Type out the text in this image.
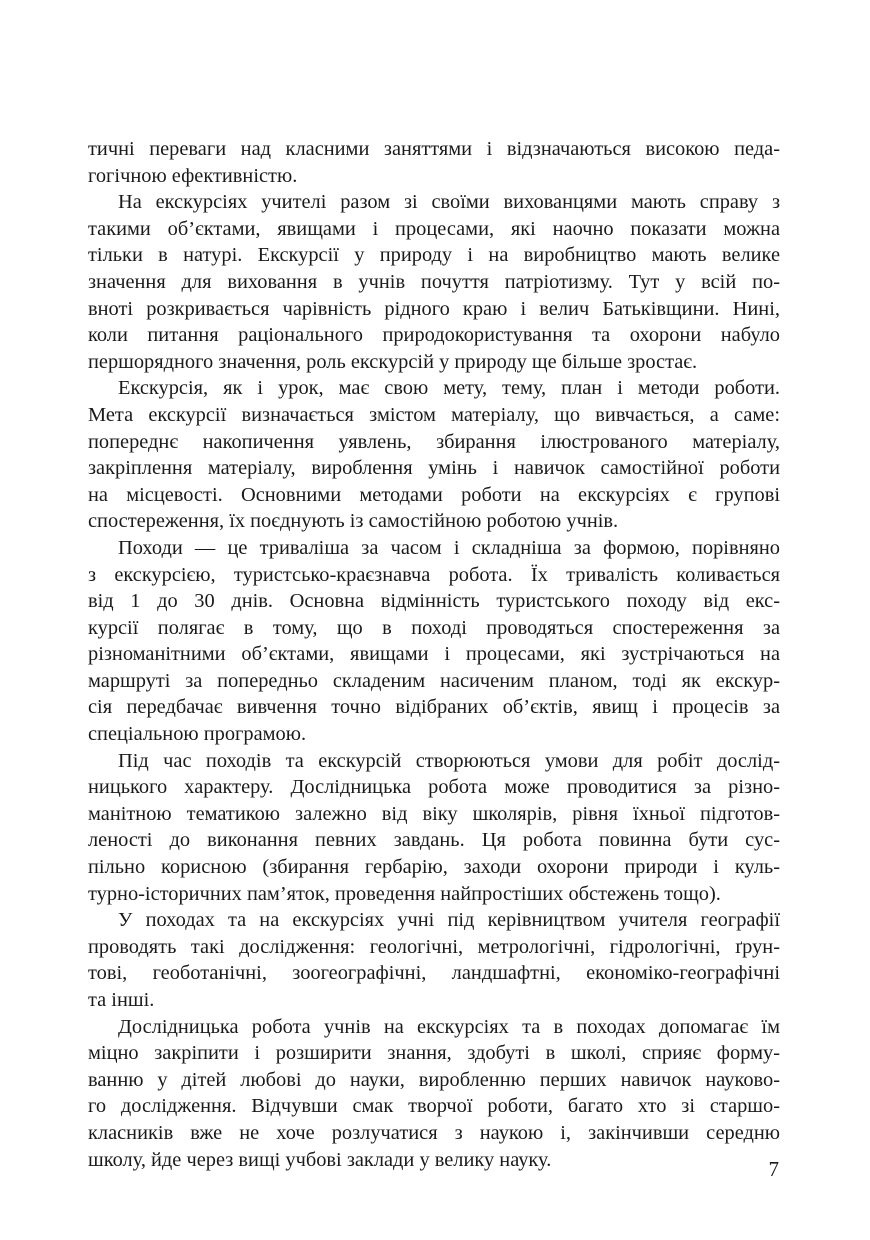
тичні переваги над класними заняттями і відзначаються високою педа-
гогічною ефективністю.
На екскурсіях учителі разом зі своїми вихованцями мають справу з
такими об’єктами, явищами і процесами, які наочно показати можна
тільки в натурі. Екскурсії у природу і на виробництво мають велике
значення для виховання в учнів почуття патріотизму. Тут у всій по-
вноті розкривається чарівність рідного краю і велич Батьківщини. Нині,
коли питання раціонального природокористування та охорони набуло
першорядного значення, роль екскурсій у природу ще більше зростає.
Екскурсія, як і урок, має свою мету, тему, план і методи роботи.
Мета екскурсії визначається змістом матеріалу, що вивчається, а саме:
попереднє накопичення уявлень, збирання ілюстрованого матеріалу,
закріплення матеріалу, вироблення умінь і навичок самостійної роботи
на місцевості. Основними методами роботи на екскурсіях є групові
спостереження, їх поєднують із самостійною роботою учнів.
Походи — це триваліша за часом і складніша за формою, порівняно
з екскурсією, туристсько-краєзнавча робота. Їх тривалість коливається
від 1 до 30 днів. Основна відмінність туристського походу від екс-
курсії полягає в тому, що в поході проводяться спостереження за
різноманітними об’єктами, явищами і процесами, які зустрічаються на
маршруті за попередньо складеним насиченим планом, тоді як екскур-
сія передбачає вивчення точно відібраних об’єктів, явищ і процесів за
спеціальною програмою.
Під час походів та екскурсій створюються умови для робіт дослід-
ницького характеру. Дослідницька робота може проводитися за різно-
манітною тематикою залежно від віку школярів, рівня їхньої підготов-
леності до виконання певних завдань. Ця робота повинна бути сус-
пільно корисною (збирання гербарію, заходи охорони природи і куль-
турно-історичних пам’яток, проведення найпростіших обстежень тощо).
У походах та на екскурсіях учні під керівництвом учителя географії
проводять такі дослідження: геологічні, метрологічні, гідрологічні, ґрун-
тові, геоботанічні, зоогеографічні, ландшафтні, економіко-географічні
та інші.
Дослідницька робота учнів на екскурсіях та в походах допомагає їм
міцно закріпити і розширити знання, здобуті в школі, сприяє форму-
ванню у дітей любові до науки, виробленню перших навичок науково-
го дослідження. Відчувши смак творчої роботи, багато хто зі старшо-
класників вже не хоче розлучатися з наукою і, закінчивши середню
школу, йде через вищі учбові заклади у велику науку.	7
